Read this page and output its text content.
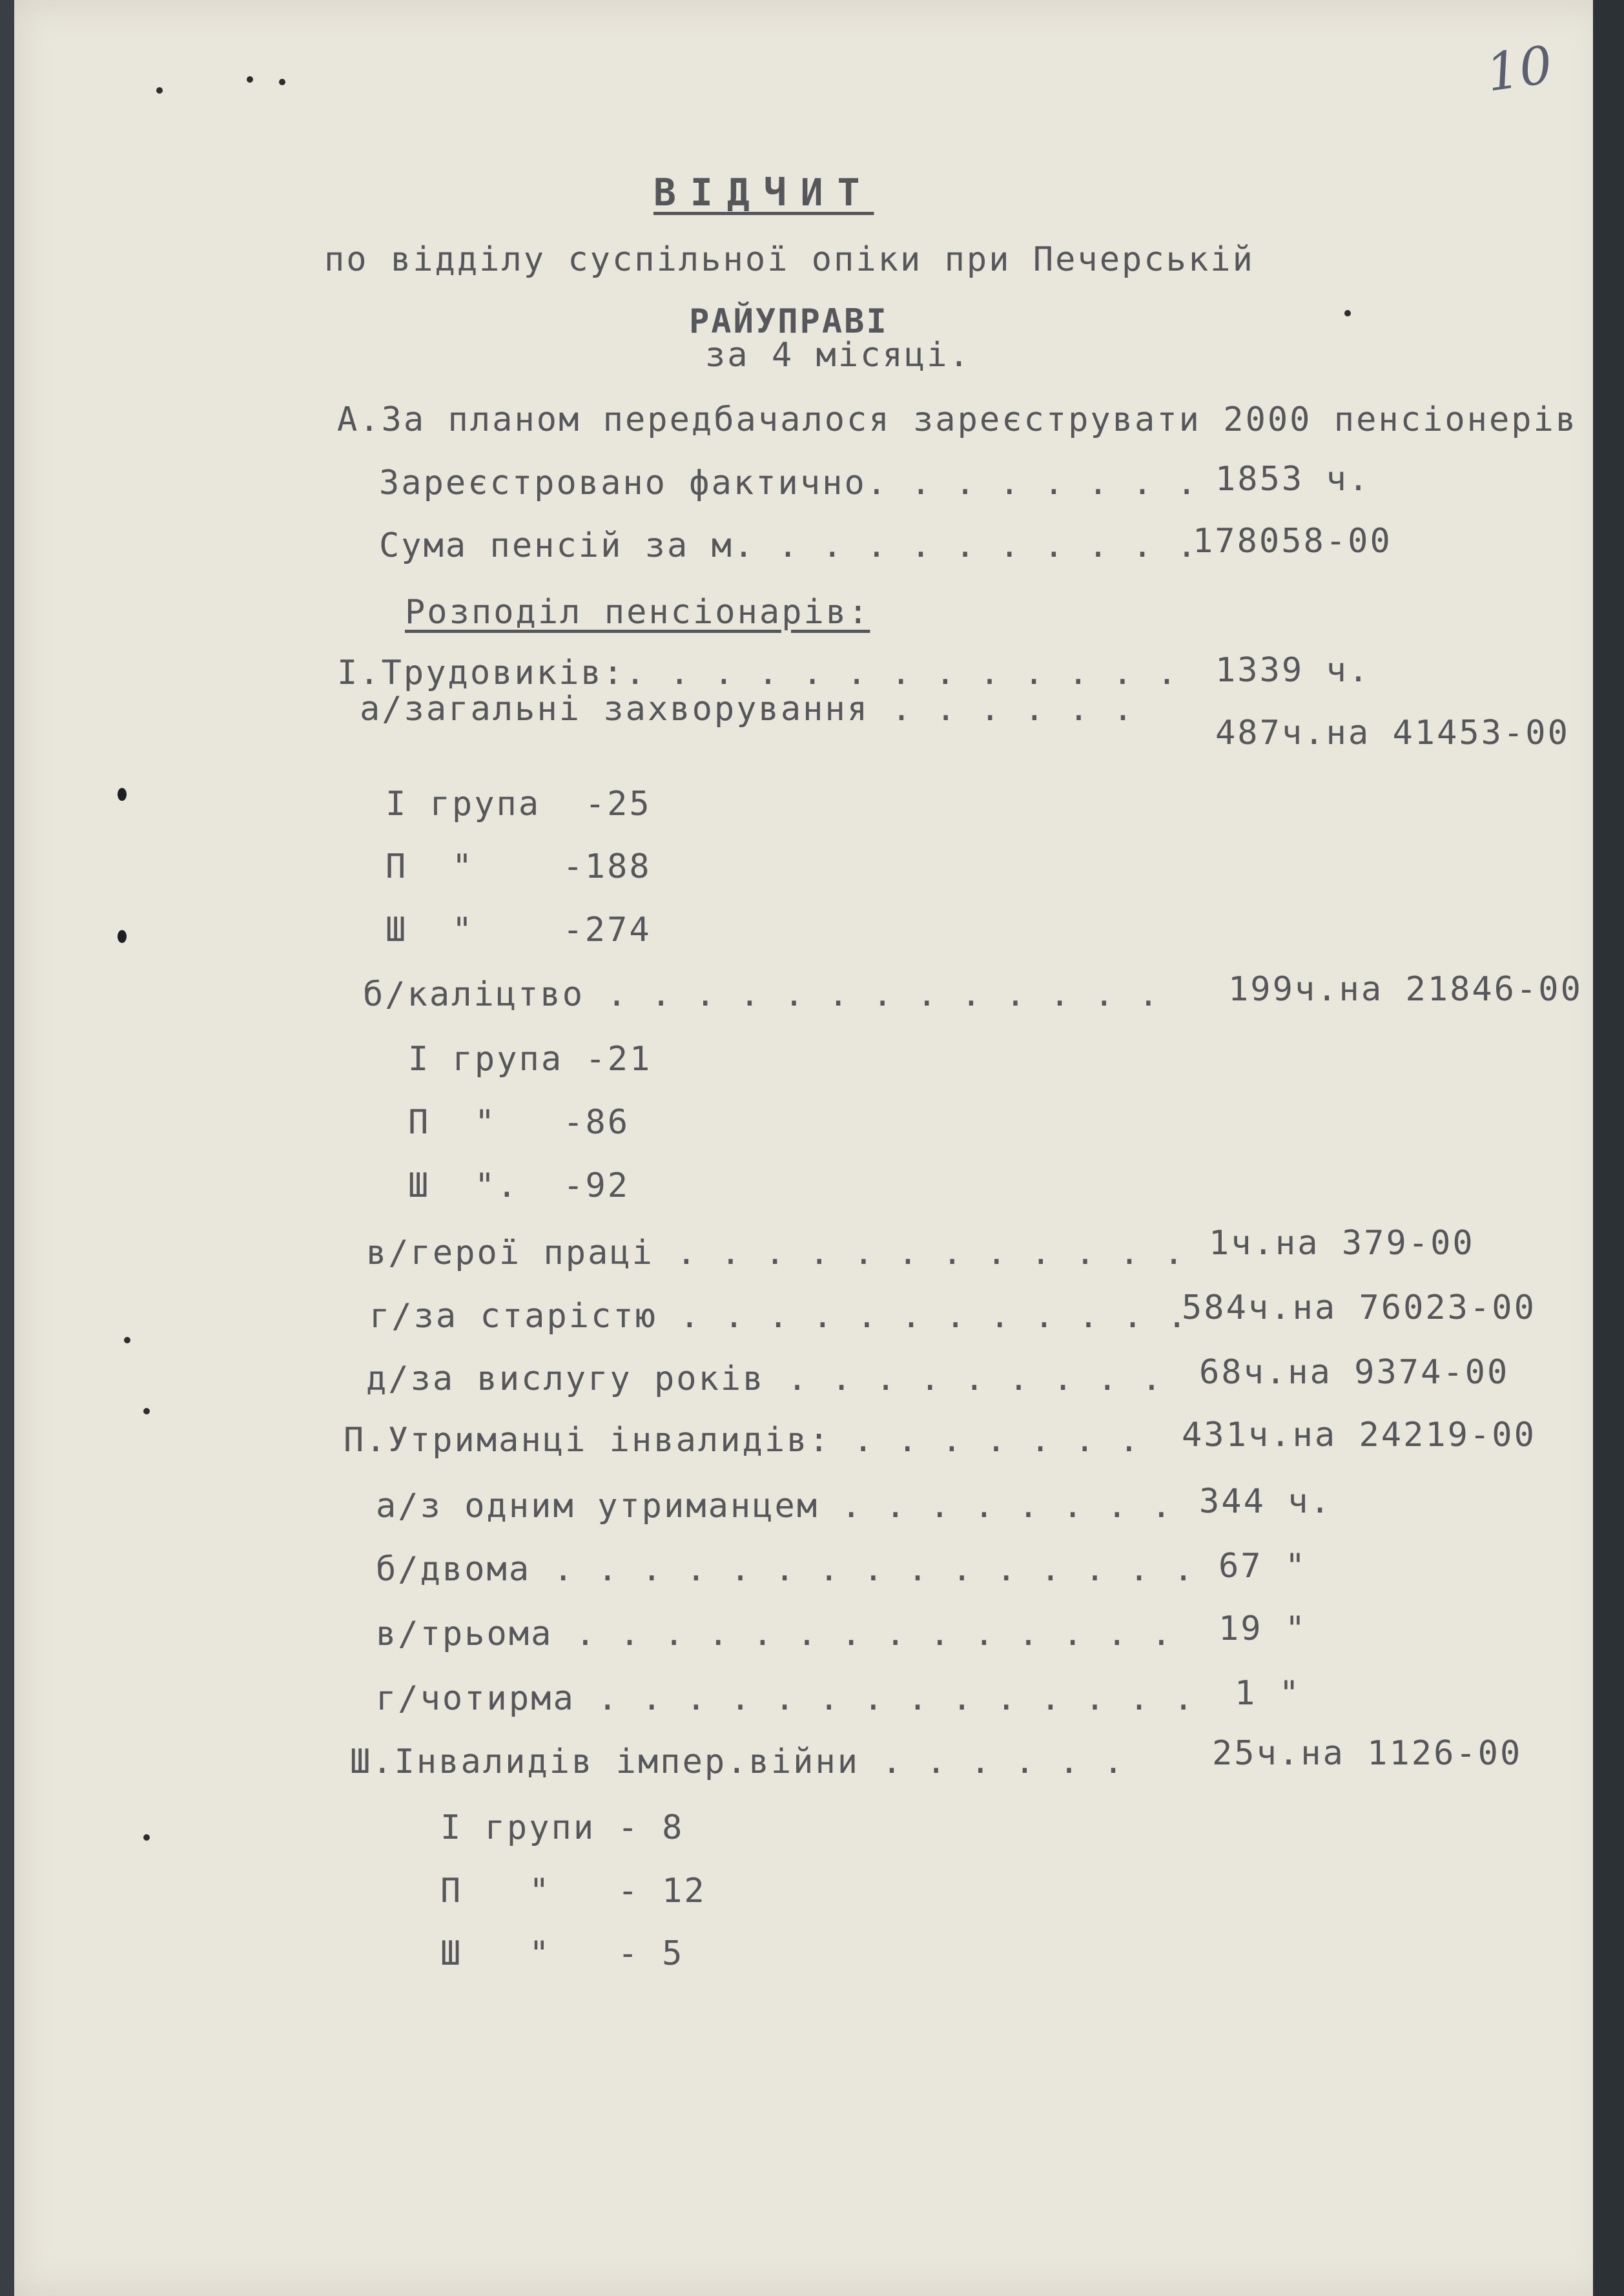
10
ВІДЧИТ
по відділу суспільної опіки при Печерській
РАЙУПРАВІ
за 4 місяці.
А.За планом передбачалося зареєструвати 2000 пенсіонерів
Зареєстровано фактично. . . . . . . . 1853 ч.
Сума пенсій за м. . . . . . . . . . .
178058-00
Розподіл пенсіонарів:
І.Трудовиків:. . . . . . . . . . . . . 1339 ч.
а/загальні захворування . . . . . .
487ч.на 41453-00
І група  -25
П  "    -188
Ш  "    -274
б/каліцтво . . . . . . . . . . . . . 199ч.на 21846-00
І група -21
П  "   -86
Ш  ".  -92
в/герої праці . . . . . . . . . . . . 1ч.на 379-00
г/за старістю . . . . . . . . . . . .
584ч.на 76023-00
д/за вислугу років . . . . . . . . . 68ч.на 9374-00
П.Утриманці інвалидів: . . . . . . . 431ч.на 24219-00
а/з одним утриманцем . . . . . . . . 344 ч.
б/двома . . . . . . . . . . . . . . . 67 "
в/трьома . . . . . . . . . . . . . . 19 "
г/чотирма . . . . . . . . . . . . . . 1 "
Ш.Інвалидів імпер.війни . . . . . .	25ч.на 1126-00
І групи - 8
П   "   - 12
Ш   "   - 5
